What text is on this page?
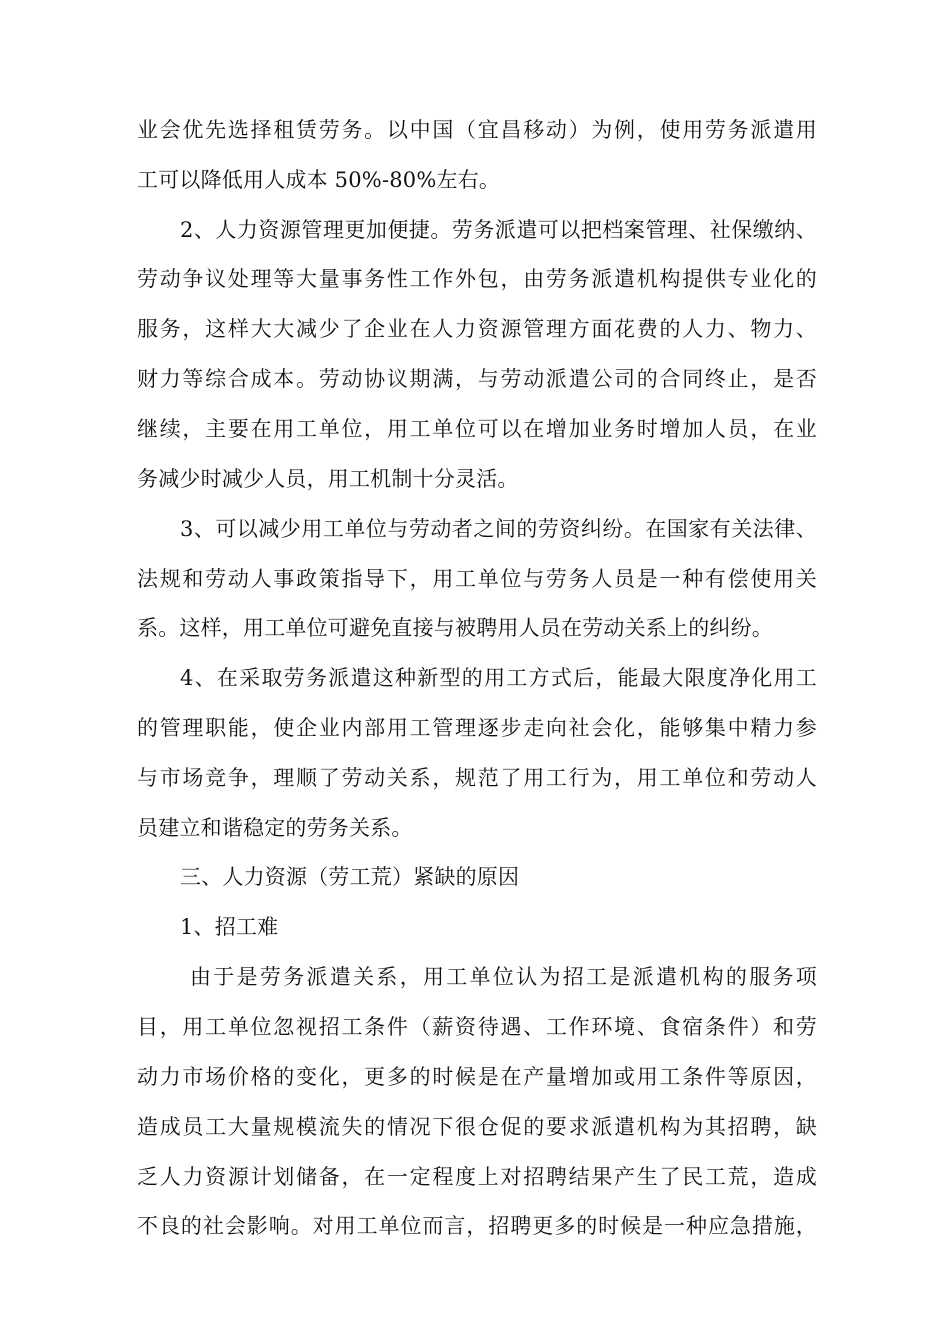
业会优先选择租赁劳务。以中国（宜昌移动）为例，使用劳务派遣用
工可以降低用人成本 50%-80%左右。
2、人力资源管理更加便捷。劳务派遣可以把档案管理、社保缴纳、
劳动争议处理等大量事务性工作外包，由劳务派遣机构提供专业化的
服务，这样大大减少了企业在人力资源管理方面花费的人力、物力、
财力等综合成本。劳动协议期满，与劳动派遣公司的合同终止，是否
继续，主要在用工单位，用工单位可以在增加业务时增加人员，在业
务减少时减少人员，用工机制十分灵活。
3、可以减少用工单位与劳动者之间的劳资纠纷。在国家有关法律、
法规和劳动人事政策指导下，用工单位与劳务人员是一种有偿使用关
系。这样，用工单位可避免直接与被聘用人员在劳动关系上的纠纷。
4、在采取劳务派遣这种新型的用工方式后，能最大限度净化用工
的管理职能，使企业内部用工管理逐步走向社会化，能够集中精力参
与市场竞争，理顺了劳动关系，规范了用工行为，用工单位和劳动人
员建立和谐稳定的劳务关系。
三、人力资源（劳工荒）紧缺的原因
1、招工难
由于是劳务派遣关系，用工单位认为招工是派遣机构的服务项
目，用工单位忽视招工条件（薪资待遇、工作环境、食宿条件）和劳
动力市场价格的变化，更多的时候是在产量增加或用工条件等原因，
造成员工大量规模流失的情况下很仓促的要求派遣机构为其招聘，缺
乏人力资源计划储备，在一定程度上对招聘结果产生了民工荒，造成
不良的社会影响。对用工单位而言，招聘更多的时候是一种应急措施，
